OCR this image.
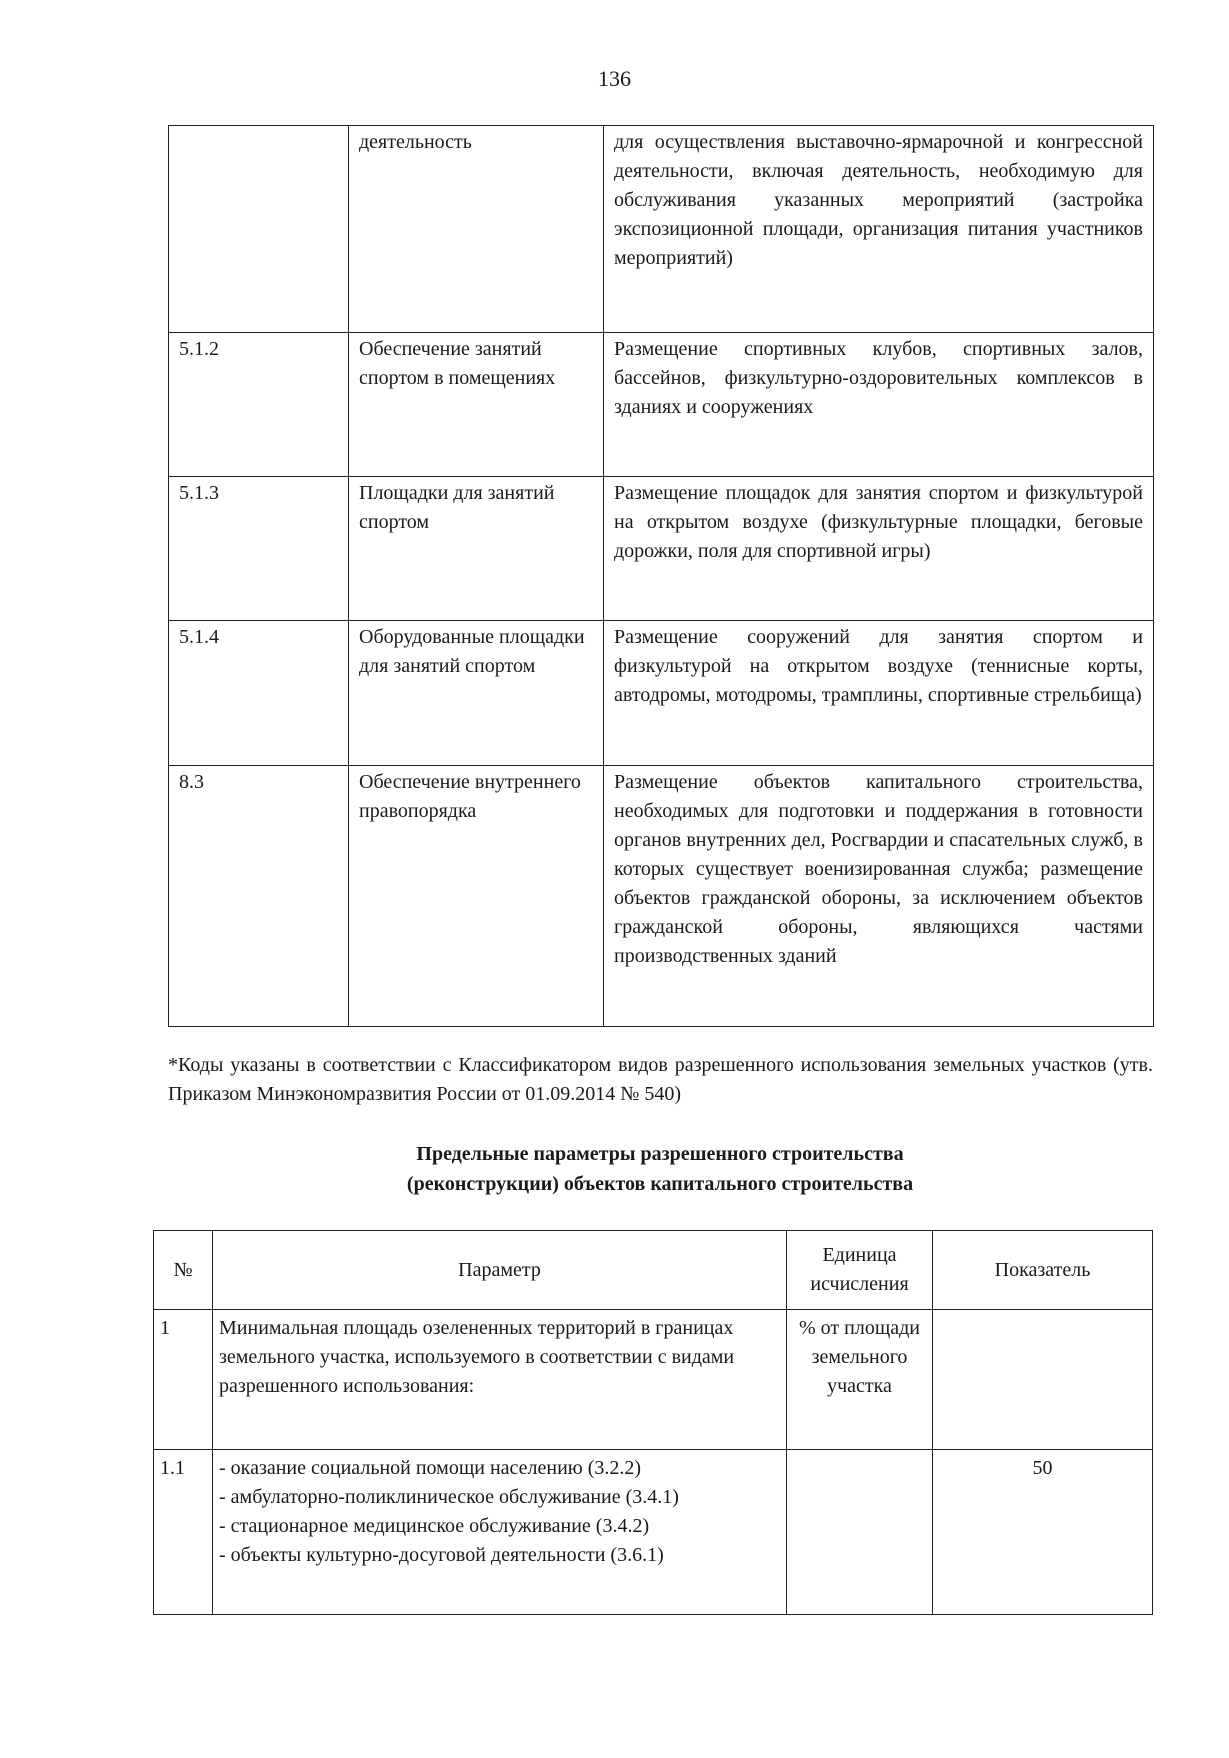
136
	деятельность	для осуществления выставочно-ярмарочной и конгрессной деятельности, включая деятельность, необходимую для обслуживания указанных мероприятий (застройка экспозиционной площади, организация питания участников мероприятий)
5.1.2	Обеспечение занятий спортом в помещениях	Размещение спортивных клубов, спортивных залов, бассейнов, физкультурно-оздоровительных комплексов в зданиях и сооружениях
5.1.3	Площадки для занятий спортом	Размещение площадок для занятия спортом и физкультурой на открытом воздухе (физкультурные площадки, беговые дорожки, поля для спортивной игры)
5.1.4	Оборудованные площадки для занятий спортом	Размещение сооружений для занятия спортом и физкультурой на открытом воздухе (теннисные корты, автодромы, мотодромы, трамплины, спортивные стрельбища)
8.3	Обеспечение внутреннего правопорядка	Размещение объектов капитального строительства, необходимых для подготовки и поддержания в готовности органов внутренних дел, Росгвардии и спасательных служб, в которых существует военизированная служба; размещение объектов гражданской обороны, за исключением объектов гражданской обороны, являющихся частями производственных зданий
*Коды указаны в соответствии с Классификатором видов разрешенного использования земельных участков (утв. Приказом Минэкономразвития России от 01.09.2014 № 540)
Предельные параметры разрешенного строительства
(реконструкции) объектов капитального строительства
№	Параметр	Единица исчисления	Показатель
1	Минимальная площадь озелененных территорий в границах земельного участка, используемого в соответствии с видами разрешенного использования:	% от площади земельного участка	
1.1	- оказание социальной помощи населению (3.2.2)
- амбулаторно-поликлиническое обслуживание (3.4.1)
- стационарное медицинское обслуживание (3.4.2)
- объекты культурно-досуговой деятельности (3.6.1)		50
